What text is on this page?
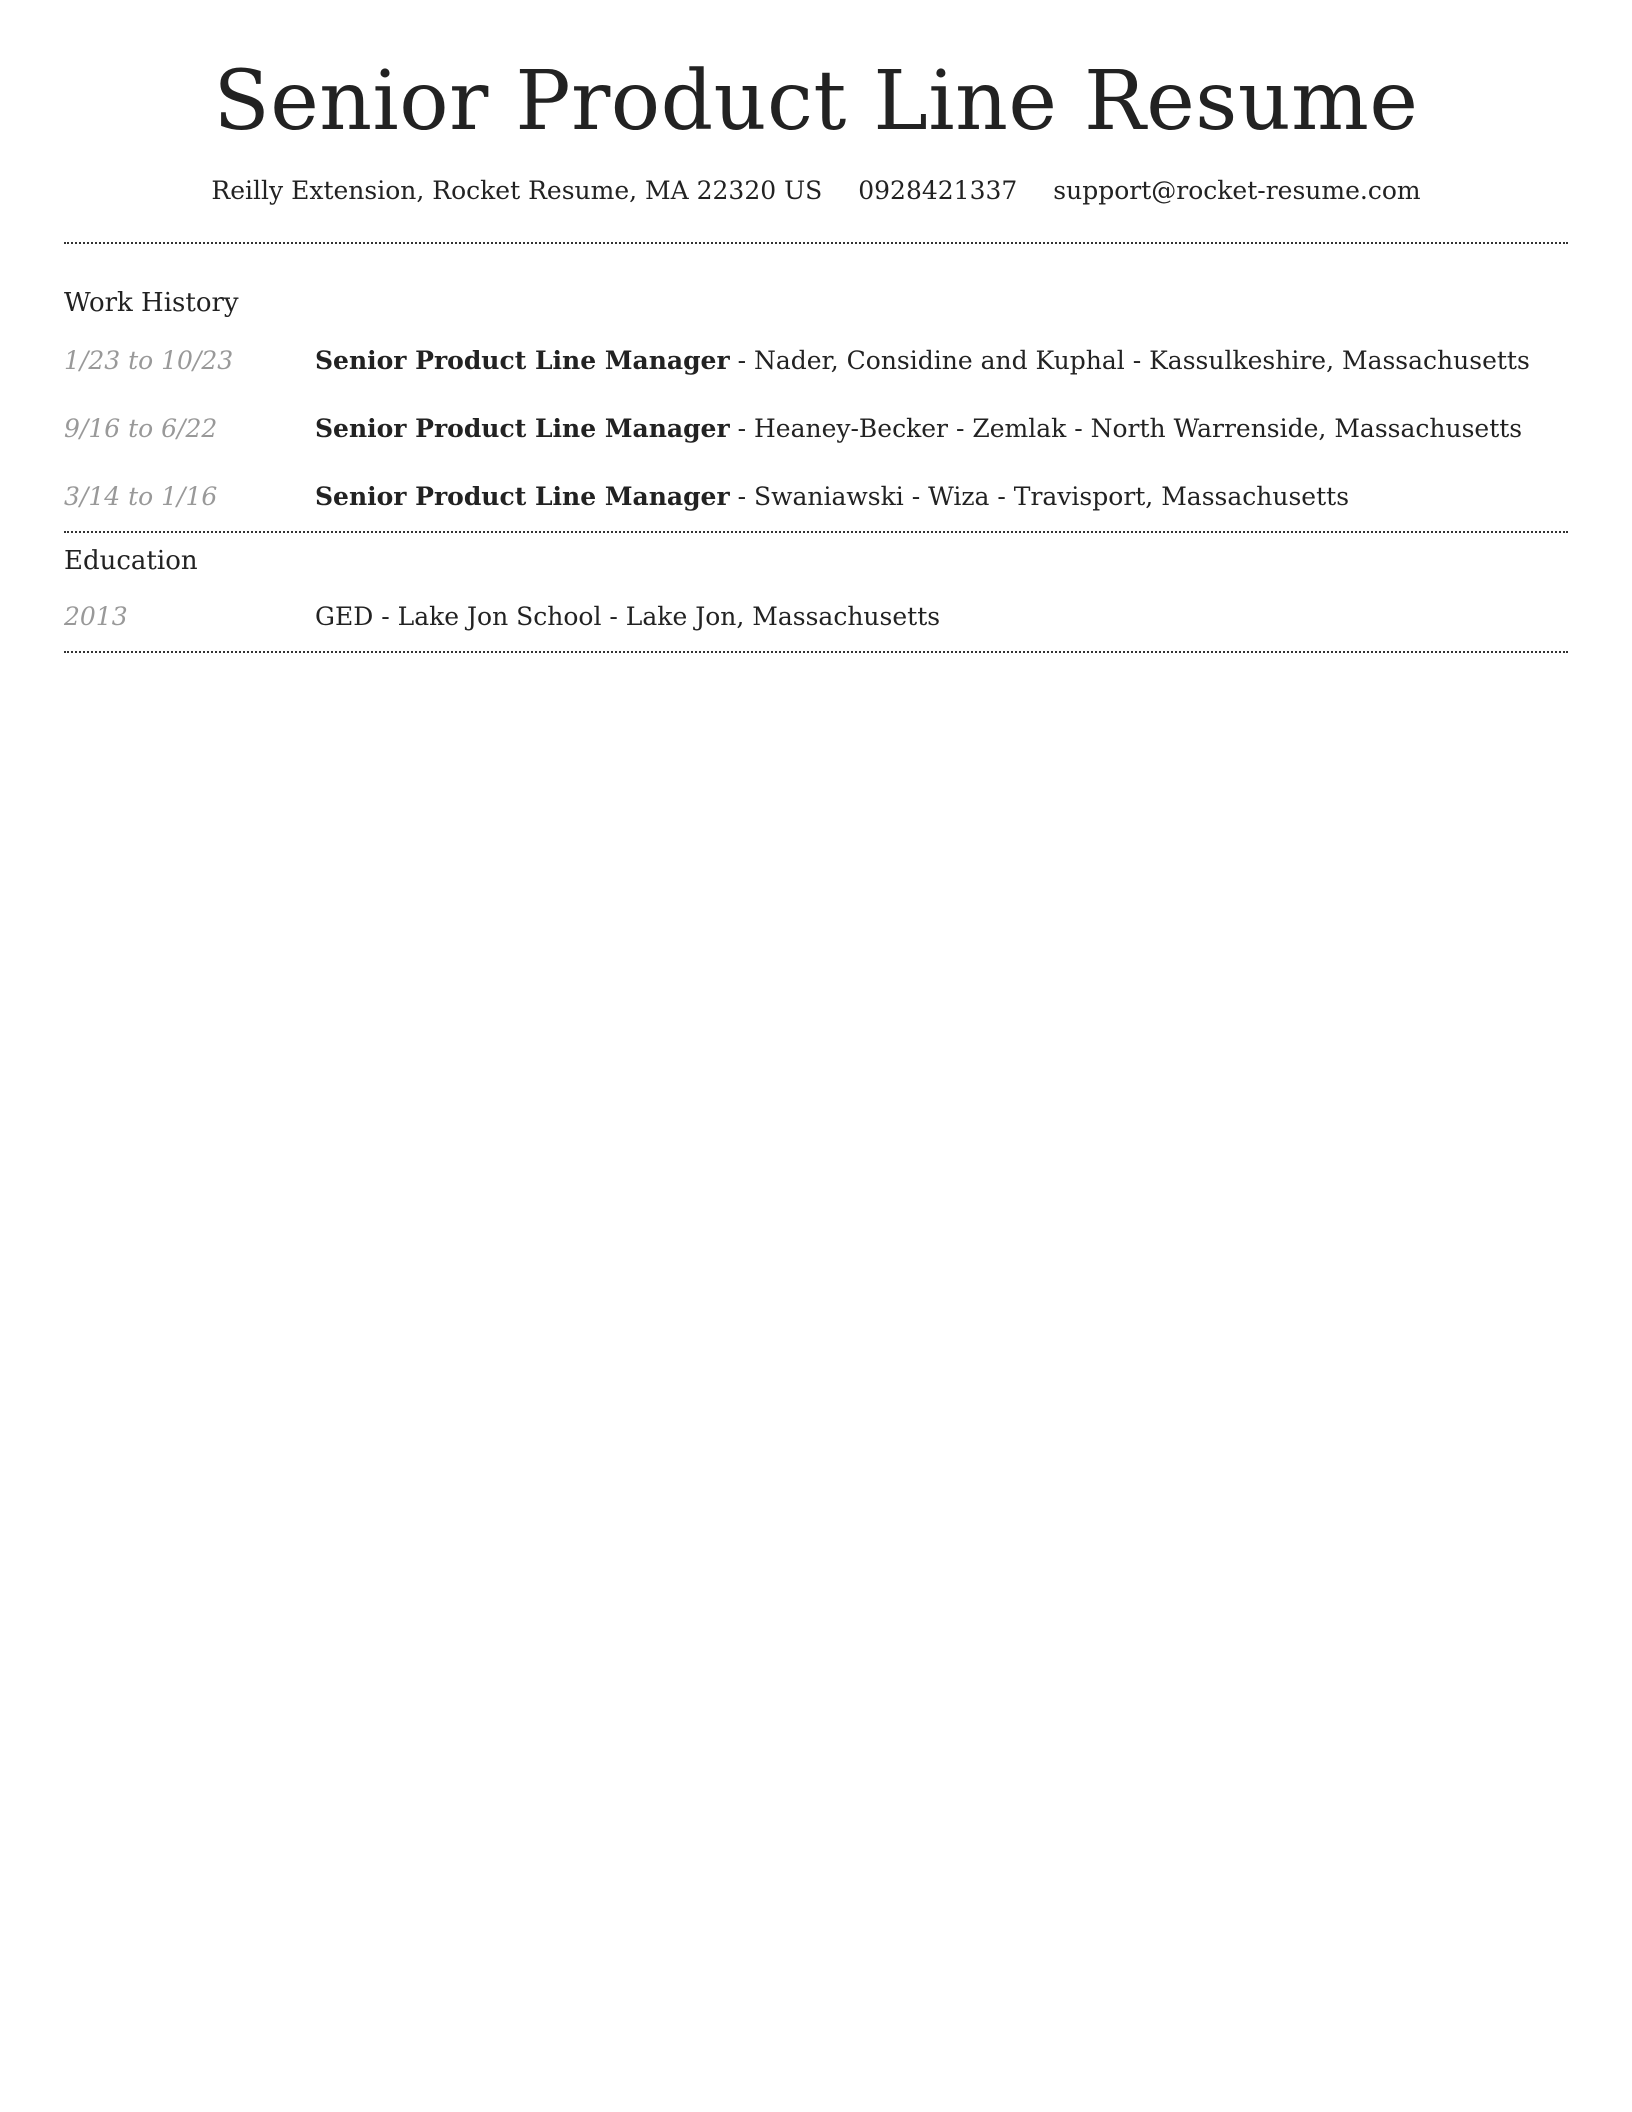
Senior Product Line Resume
Reilly Extension, Rocket Resume, MA 22320 US 0928421337 support@rocket-resume.com
Work History
1/23 to 10/23	Senior Product Line Manager - Nader, Considine and Kuphal - Kassulkeshire, Massachusetts
9/16 to 6/22	Senior Product Line Manager - Heaney-Becker - Zemlak - North Warrenside, Massachusetts
3/14 to 1/16	Senior Product Line Manager - Swaniawski - Wiza - Travisport, Massachusetts
Education
2013	GED - Lake Jon School - Lake Jon, Massachusetts
